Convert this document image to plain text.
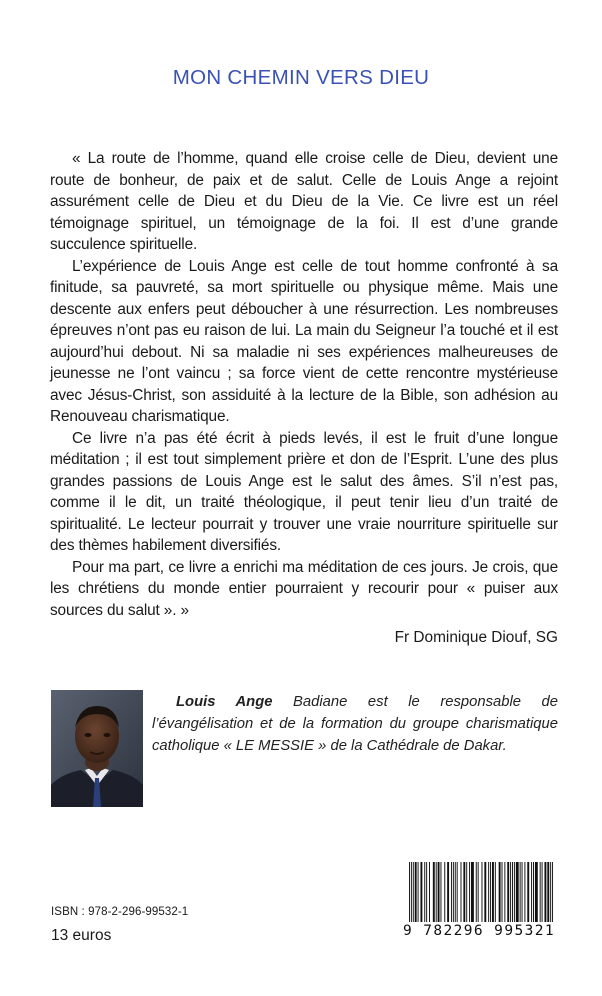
MON CHEMIN VERS DIEU

« La route de l’homme, quand elle croise celle de Dieu, devient une route de bonheur, de paix et de salut. Celle de Louis Ange a rejoint assurément celle de Dieu et du Dieu de la Vie. Ce livre est un réel témoignage spirituel, un témoignage de la foi. Il est d’une grande succulence spirituelle.

L’expérience de Louis Ange est celle de tout homme confronté à sa finitude, sa pauvreté, sa mort spirituelle ou physique même. Mais une descente aux enfers peut déboucher à une résurrection. Les nombreuses épreuves n’ont pas eu raison de lui. La main du Seigneur l’a touché et il est aujourd’hui debout. Ni sa maladie ni ses expériences malheureuses de jeunesse ne l’ont vaincu ; sa force vient de cette rencontre mystérieuse avec Jésus-Christ, son assiduité à la lecture de la Bible, son adhésion au Renouveau charismatique.

Ce livre n’a pas été écrit à pieds levés, il est le fruit d’une longue méditation ; il est tout simplement prière et don de l’Esprit. L’une des plus grandes passions de Louis Ange est le salut des âmes. S’il n’est pas, comme il le dit, un traité théologique, il peut tenir lieu d’un traité de spiritualité. Le lecteur pourrait y trouver une vraie nourriture spirituelle sur des thèmes habilement diversifiés.

Pour ma part, ce livre a enrichi ma méditation de ces jours. Je crois, que les chrétiens du monde entier pourraient y recourir pour « puiser aux sources du salut ». »

Fr Dominique Diouf, SG
Louis Ange Badiane est le responsable de l’évangélisation et de la formation du groupe charismatique catholique « LE MESSIE » de la Cathédrale de Dakar.
ISBN : 978-2-296-99532-1
13 euros	9 782296 995321
